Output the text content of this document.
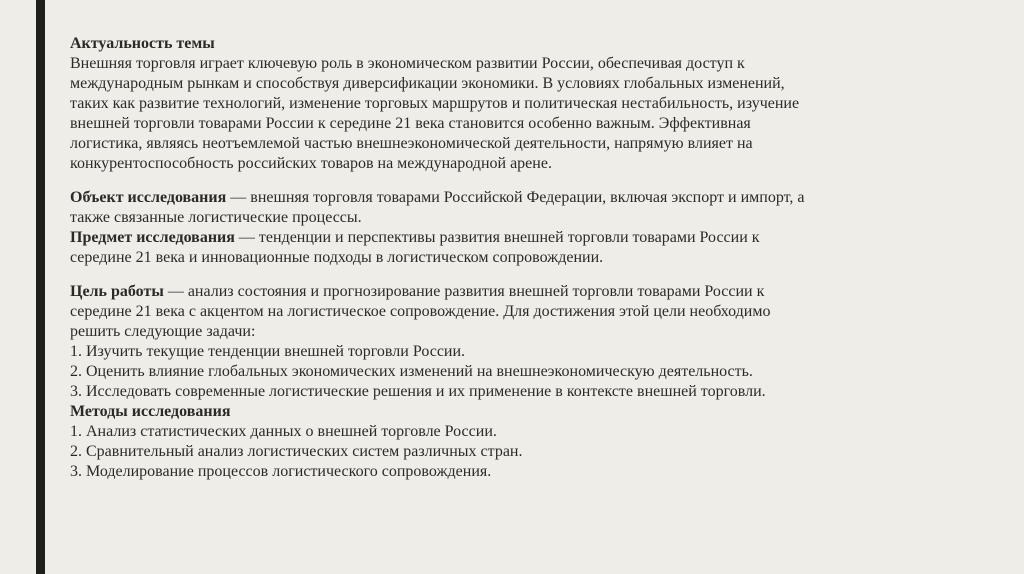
Актуальность темы
Внешняя торговля играет ключевую роль в экономическом развитии России, обеспечивая доступ к
международным рынкам и способствуя диверсификации экономики. В условиях глобальных изменений,
таких как развитие технологий, изменение торговых маршрутов и политическая нестабильность, изучение
внешней торговли товарами России к середине 21 века становится особенно важным. Эффективная
логистика, являясь неотъемлемой частью внешнеэкономической деятельности, напрямую влияет на
конкурентоспособность российских товаров на международной арене.
Объект исследования — внешняя торговля товарами Российской Федерации, включая экспорт и импорт, а
также связанные логистические процессы.
Предмет исследования — тенденции и перспективы развития внешней торговли товарами России к
середине 21 века и инновационные подходы в логистическом сопровождении.
Цель работы — анализ состояния и прогнозирование развития внешней торговли товарами России к
середине 21 века с акцентом на логистическое сопровождение. Для достижения этой цели необходимо
решить следующие задачи:
1. Изучить текущие тенденции внешней торговли России.
2. Оценить влияние глобальных экономических изменений на внешнеэкономическую деятельность.
3. Исследовать современные логистические решения и их применение в контексте внешней торговли.
Методы исследования
1. Анализ статистических данных о внешней торговле России.
2. Сравнительный анализ логистических систем различных стран.
3. Моделирование процессов логистического сопровождения.
